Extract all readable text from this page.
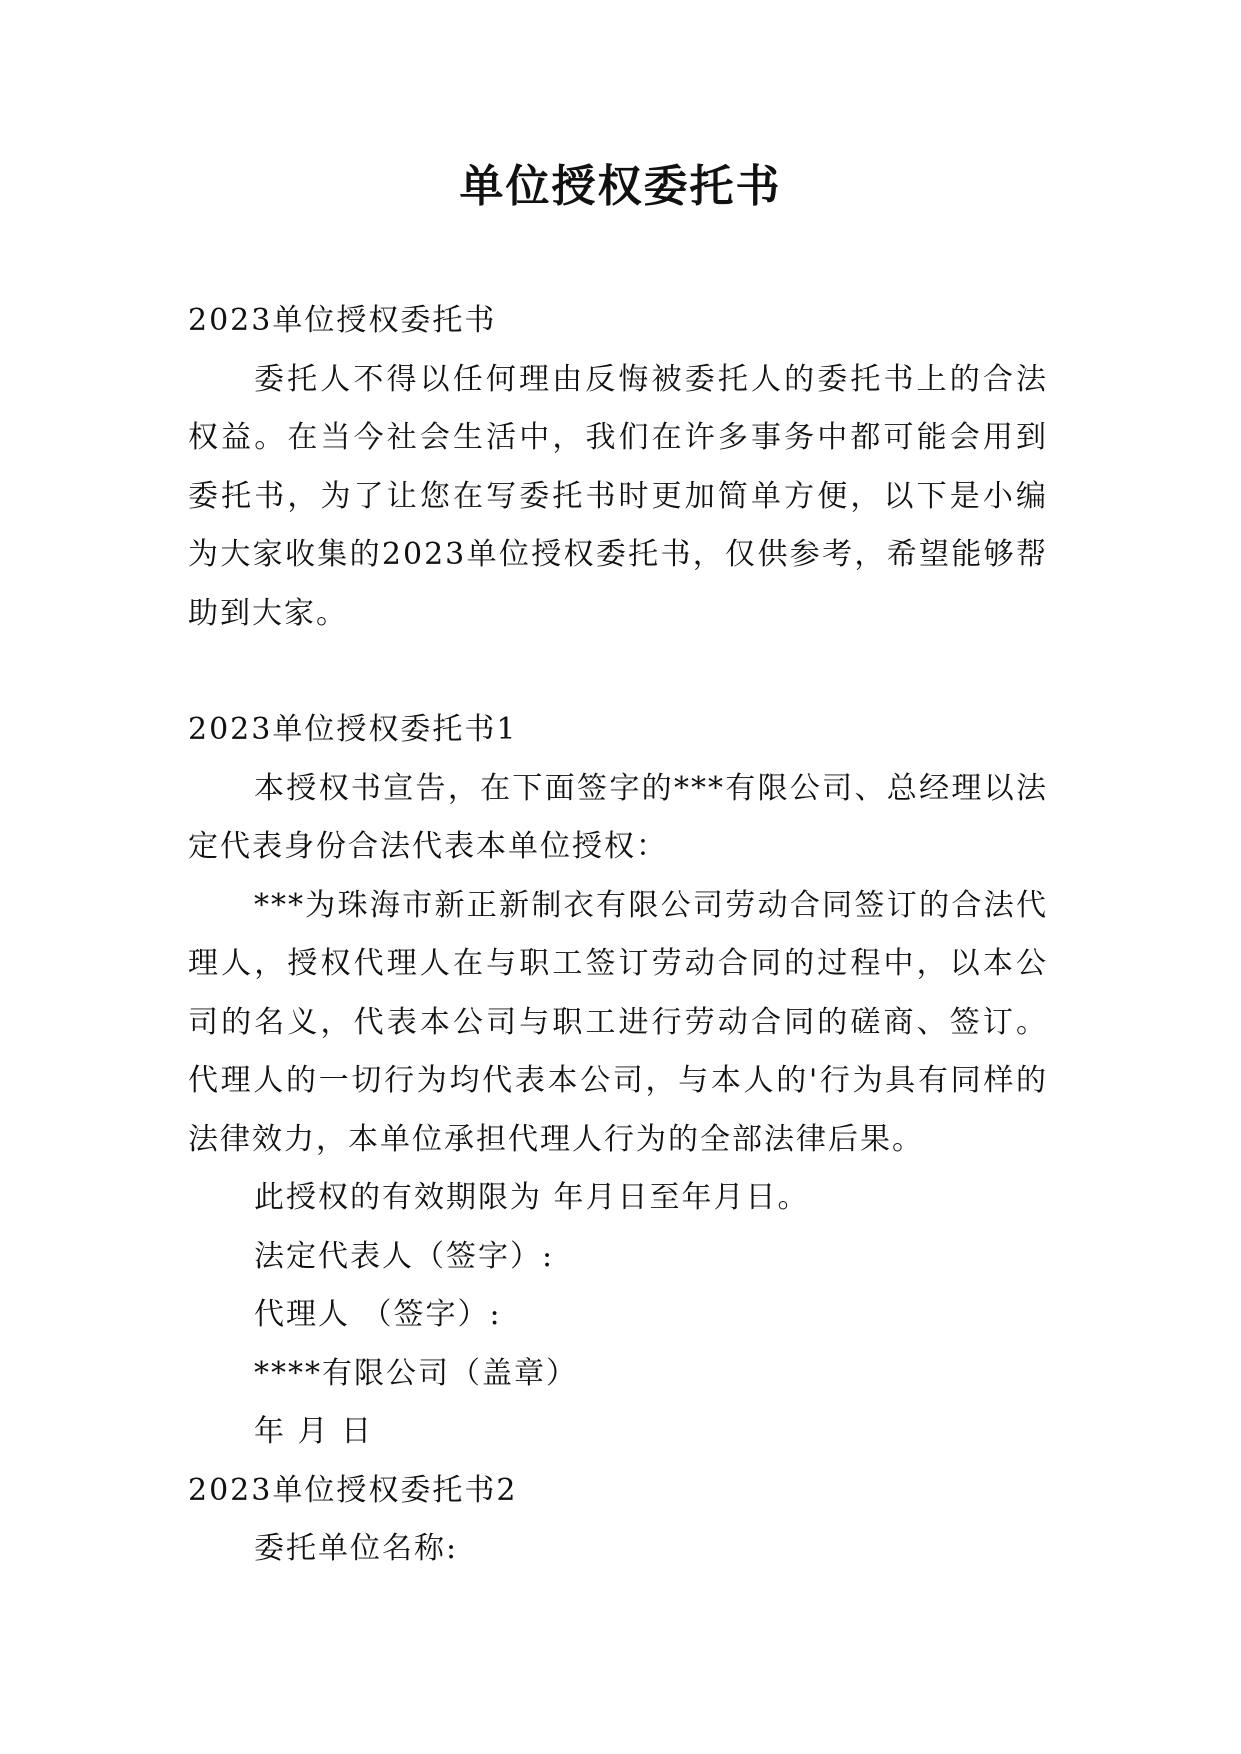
单位授权委托书

2023单位授权委托书

委托人不得以任何理由反悔被委托人的委托书上的合法权益。在当今社会生活中，我们在许多事务中都可能会用到委托书，为了让您在写委托书时更加简单方便，以下是小编为大家收集的2023单位授权委托书，仅供参考，希望能够帮助到大家。

2023单位授权委托书1

本授权书宣告，在下面签字的***有限公司、总经理以法定代表身份合法代表本单位授权：

***为珠海市新正新制衣有限公司劳动合同签订的合法代理人，授权代理人在与职工签订劳动合同的过程中，以本公司的名义，代表本公司与职工进行劳动合同的磋商、签订。代理人的一切行为均代表本公司，与本人的'行为具有同样的法律效力，本单位承担代理人行为的全部法律后果。

此授权的有效期限为 年月日至年月日。

法定代表人（签字）:

代理人 （签字）:

****有限公司（盖章）

年 月 日

2023单位授权委托书2

委托单位名称:
